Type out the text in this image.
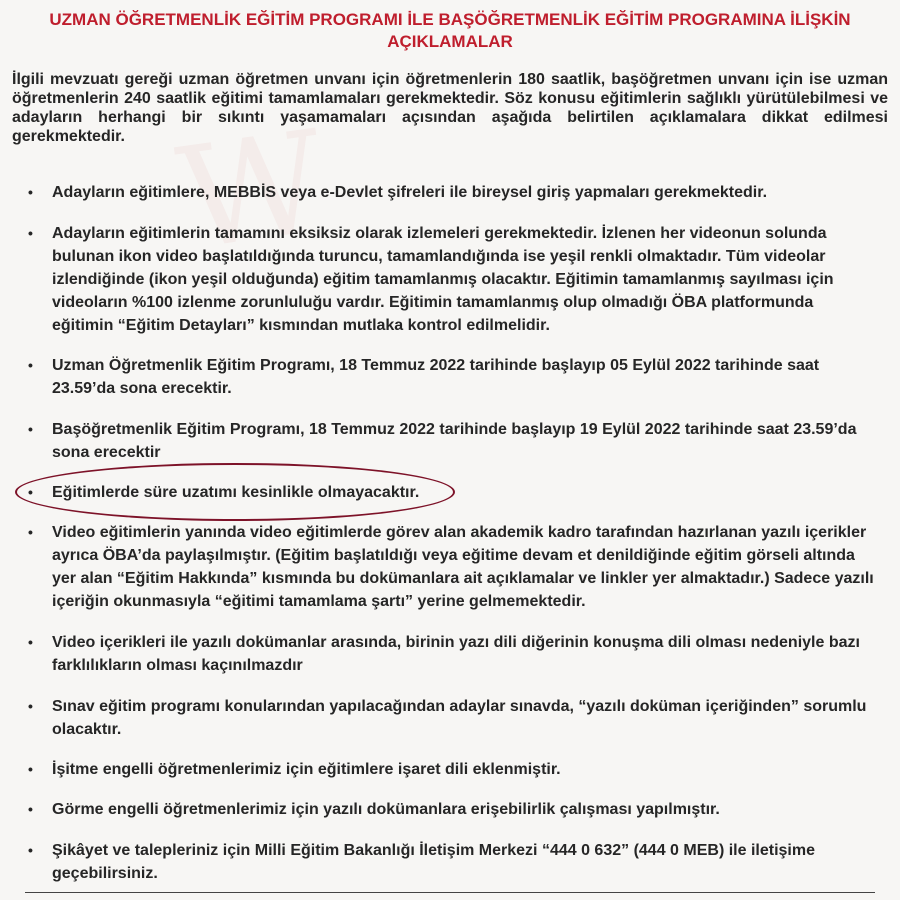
W
UZMAN ÖĞRETMENLİK EĞİTİM PROGRAMI İLE BAŞÖĞRETMENLİK EĞİTİM PROGRAMINA İLİŞKİN AÇIKLAMALAR

İlgili mevzuatı gereği uzman öğretmen unvanı için öğretmenlerin 180 saatlik, başöğretmen unvanı için ise uzman öğretmenlerin 240 saatlik eğitimi tamamlamaları gerekmektedir. Söz konusu eğitimlerin sağlıklı yürütülebilmesi ve adayların herhangi bir sıkıntı yaşamamaları açısından aşağıda belirtilen açıklamalara dikkat edilmesi gerekmektedir.

•	Adayların eğitimlere, MEBBİS veya e-Devlet şifreleri ile bireysel giriş yapmaları gerekmektedir.
•	Adayların eğitimlerin tamamını eksiksiz olarak izlemeleri gerekmektedir. İzlenen her videonun solunda bulunan ikon video başlatıldığında turuncu, tamamlandığında ise yeşil renkli olmaktadır. Tüm videolar izlendiğinde (ikon yeşil olduğunda) eğitim tamamlanmış olacaktır. Eğitimin tamamlanmış sayılması için videoların %100 izlenme zorunluluğu vardır. Eğitimin tamamlanmış olup olmadığı ÖBA platformunda eğitimin “Eğitim Detayları” kısmından mutlaka kontrol edilmelidir.
•	Uzman Öğretmenlik Eğitim Programı, 18 Temmuz 2022 tarihinde başlayıp 05 Eylül 2022 tarihinde saat 23.59’da sona erecektir.
•	Başöğretmenlik Eğitim Programı, 18 Temmuz 2022 tarihinde başlayıp 19 Eylül 2022 tarihinde saat 23.59’da sona erecektir
•	Eğitimlerde süre uzatımı kesinlikle olmayacaktır.
•	Video eğitimlerin yanında video eğitimlerde görev alan akademik kadro tarafından hazırlanan yazılı içerikler ayrıca ÖBA’da paylaşılmıştır. (Eğitim başlatıldığı veya eğitime devam et denildiğinde eğitim görseli altında yer alan “Eğitim Hakkında” kısmında bu dokümanlara ait açıklamalar ve linkler yer almaktadır.) Sadece yazılı içeriğin okunmasıyla “eğitimi tamamlama şartı” yerine gelmemektedir.
•	Video içerikleri ile yazılı dokümanlar arasında, birinin yazı dili diğerinin konuşma dili olması nedeniyle bazı farklılıkların olması kaçınılmazdır
•	Sınav eğitim programı konularından yapılacağından adaylar sınavda, “yazılı doküman içeriğinden” sorumlu olacaktır.
•	İşitme engelli öğretmenlerimiz için eğitimlere işaret dili eklenmiştir.
•	Görme engelli öğretmenlerimiz için yazılı dokümanlara erişebilirlik çalışması yapılmıştır.
•	Şikâyet ve talepleriniz için Milli Eğitim Bakanlığı İletişim Merkezi “444 0 632” (444 0 MEB) ile iletişime geçebilirsiniz.
